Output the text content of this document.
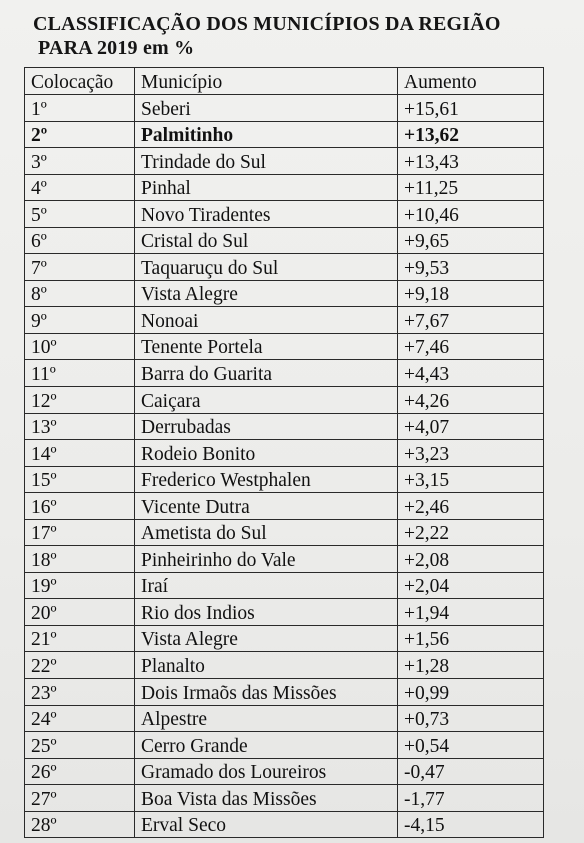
CLASSIFICAÇÃO DOS MUNICÍPIOS DA REGIÃO
PARA 2019 em %
Colocação	Município	Aumento
1º	Seberi	+15,61
2º	Palmitinho	+13,62
3º	Trindade do Sul	+13,43
4º	Pinhal	+11,25
5º	Novo Tiradentes	+10,46
6º	Cristal do Sul	+9,65
7º	Taquaruçu do Sul	+9,53
8º	Vista Alegre	+9,18
9º	Nonoai	+7,67
10º	Tenente Portela	+7,46
11º	Barra do Guarita	+4,43
12º	Caiçara	+4,26
13º	Derrubadas	+4,07
14º	Rodeio Bonito	+3,23
15º	Frederico Westphalen	+3,15
16º	Vicente Dutra	+2,46
17º	Ametista do Sul	+2,22
18º	Pinheirinho do Vale	+2,08
19º	Iraí	+2,04
20º	Rio dos Indios	+1,94
21º	Vista Alegre	+1,56
22º	Planalto	+1,28
23º	Dois Irmaõs das Missões	+0,99
24º	Alpestre	+0,73
25º	Cerro Grande	+0,54
26º	Gramado dos Loureiros	-0,47
27º	Boa Vista das Missões	-1,77
28º	Erval Seco	-4,15
